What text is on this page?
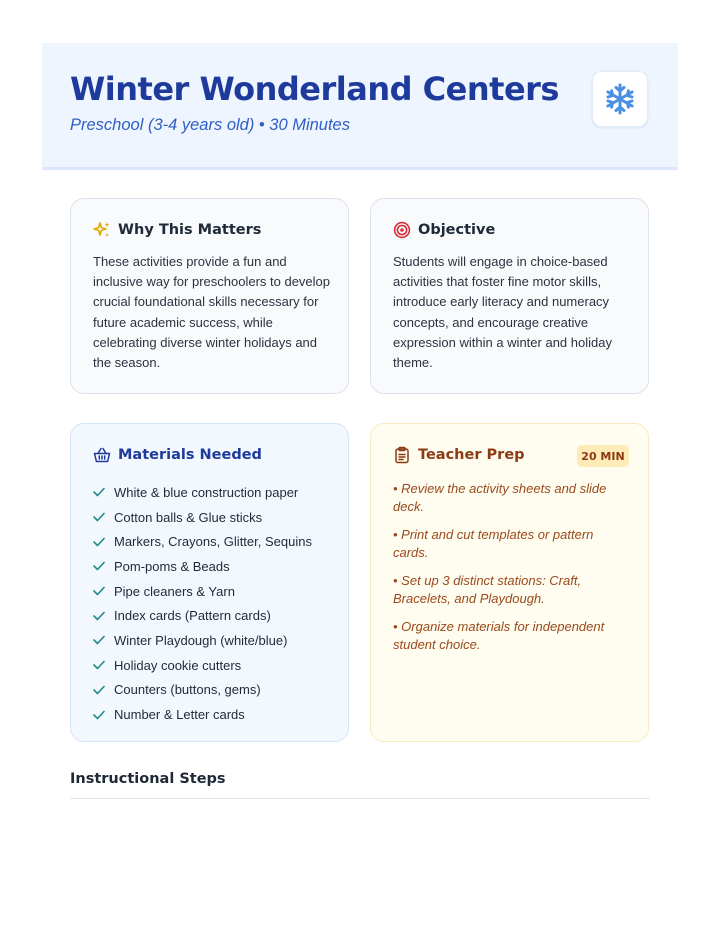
Winter Wonderland Centers
Preschool (3-4 years old) • 30 Minutes
Why This Matters
These activities provide a fun and inclusive way for preschoolers to develop crucial foundational skills necessary for future academic success, while celebrating diverse winter holidays and the season.
Objective
Students will engage in choice-based activities that foster fine motor skills, introduce early literacy and numeracy concepts, and encourage creative expression within a winter and holiday theme.
Materials Needed
White & blue construction paper
Cotton balls & Glue sticks
Markers, Crayons, Glitter, Sequins
Pom-poms & Beads
Pipe cleaners & Yarn
Index cards (Pattern cards)
Winter Playdough (white/blue)
Holiday cookie cutters
Counters (buttons, gems)
Number & Letter cards
Teacher Prep	20 MIN
• Review the activity sheets and slide deck.
• Print and cut templates or pattern cards.
• Set up 3 distinct stations: Craft, Bracelets, and Playdough.
• Organize materials for independent student choice.
Instructional Steps
